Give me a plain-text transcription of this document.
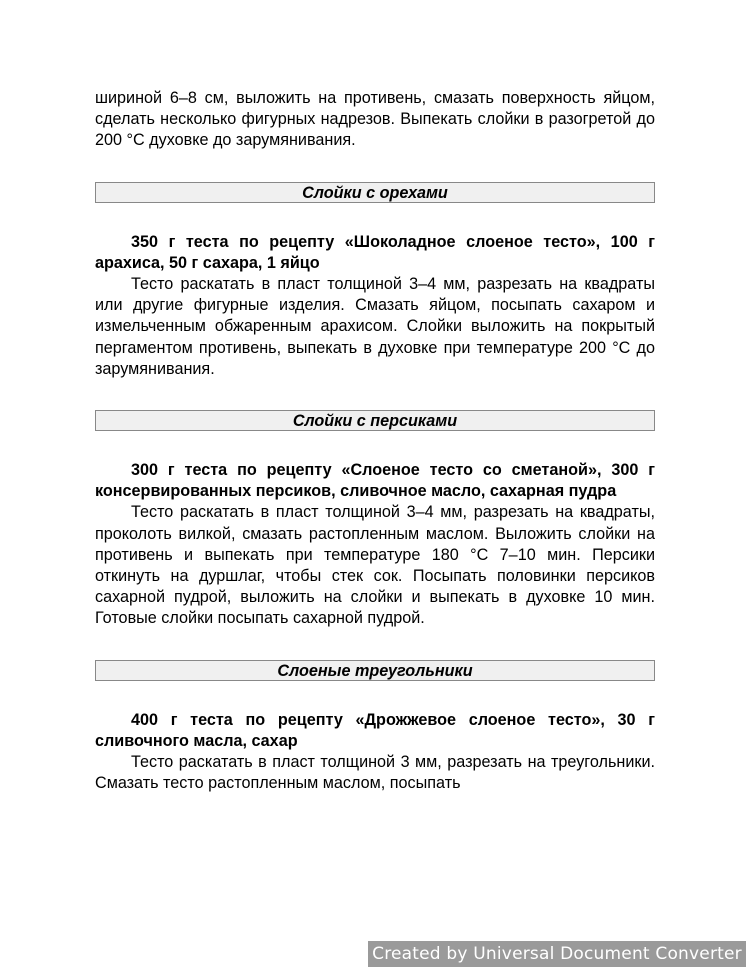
шириной 6–8 см, выложить на противень, смазать поверхность яйцом, сделать несколько фигурных надрезов. Выпекать слойки в разогретой до 200 °С духовке до зарумянивания.

Слойки с орехами

350 г теста по рецепту «Шоколадное слоеное тесто», 100 г арахиса, 50 г сахара, 1 яйцо

Тесто раскатать в пласт толщиной 3–4 мм, разрезать на квадраты или другие фигурные изделия. Смазать яйцом, посыпать сахаром и измельченным обжаренным арахисом. Слойки выложить на покрытый пергаментом противень, выпекать в духовке при температуре 200 °С до зарумянивания.

Слойки с персиками

300 г теста по рецепту «Слоеное тесто со сметаной», 300 г консервированных персиков, сливочное масло, сахарная пудра

Тесто раскатать в пласт толщиной 3–4 мм, разрезать на квадраты, проколоть вилкой, смазать растопленным маслом. Выложить слойки на противень и выпекать при температуре 180 °С 7–10 мин. Персики откинуть на дуршлаг, чтобы стек сок. Посыпать половинки персиков сахарной пудрой, выложить на слойки и выпекать в духовке 10 мин. Готовые слойки посыпать сахарной пудрой.

Слоеные треугольники

400 г теста по рецепту «Дрожжевое слоеное тесто», 30 г сливочного масла, сахар

Тесто раскатать в пласт толщиной 3 мм, разрезать на треугольники. Смазать тесто растопленным маслом, посыпать

Created by Universal Document Converter
